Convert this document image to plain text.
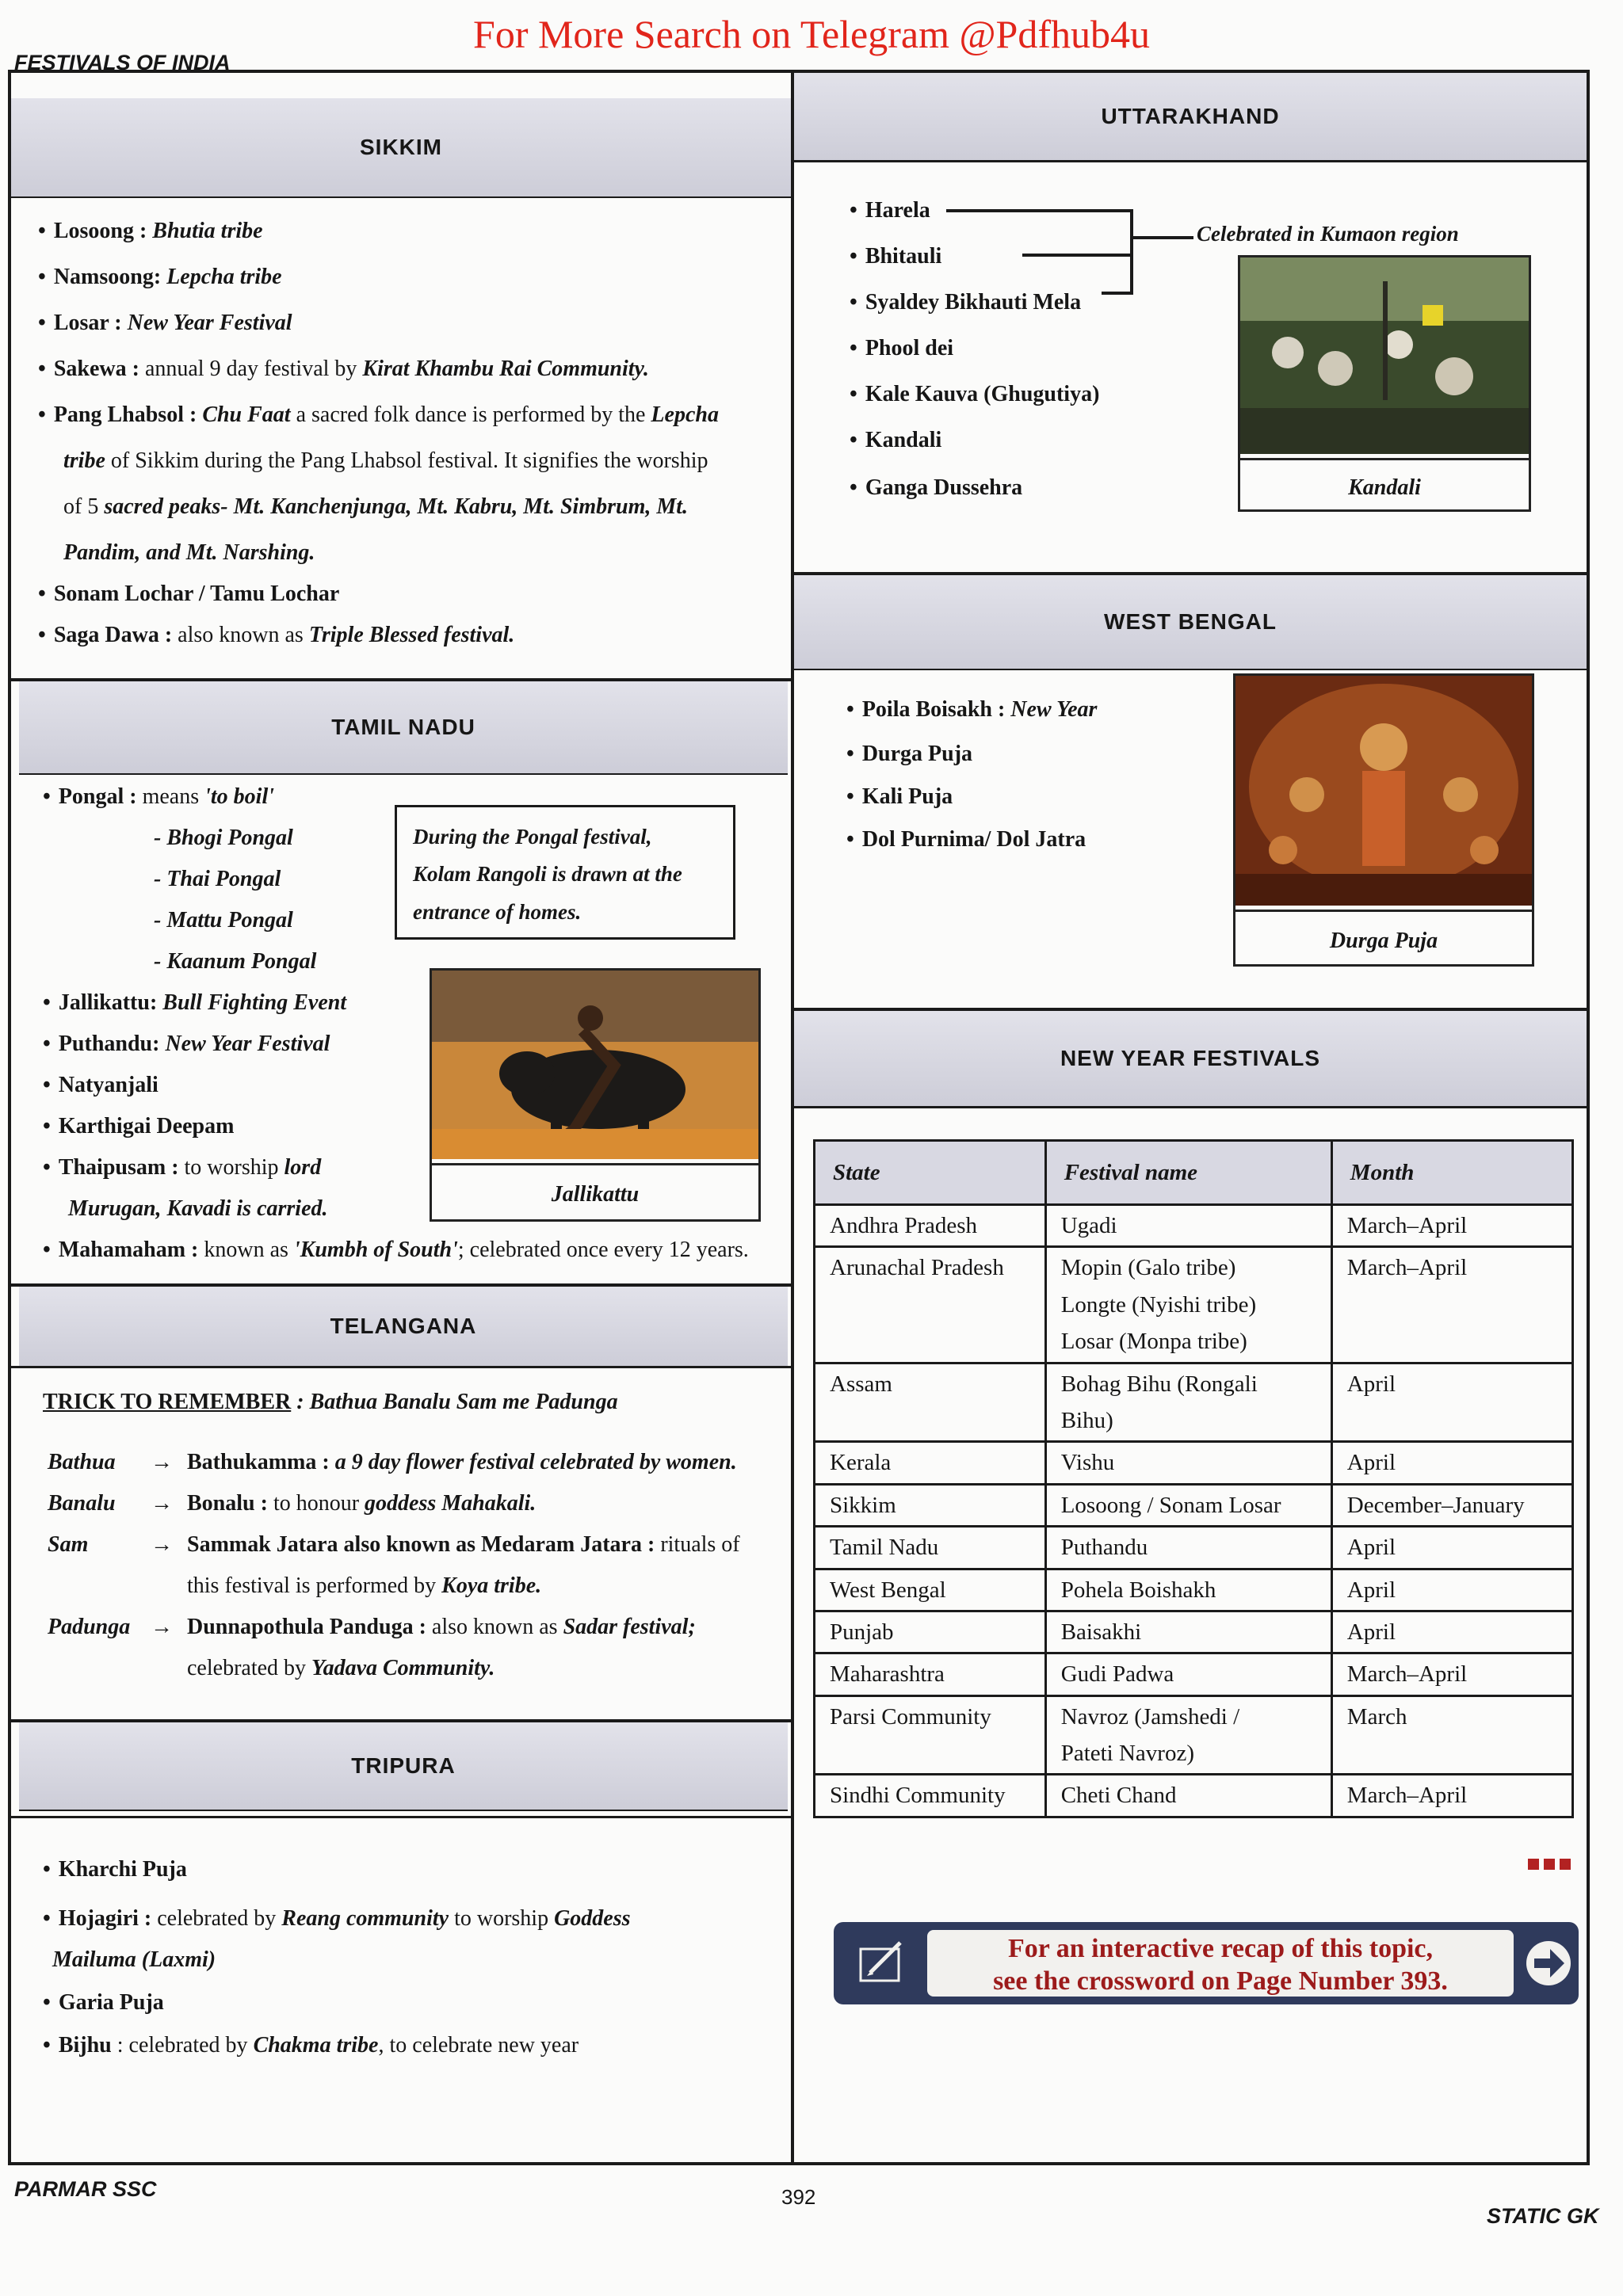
For More Search on Telegram @Pdfhub4u
FESTIVALS OF INDIA
SIKKIM
• Losoong : Bhutia tribe
• Namsoong: Lepcha tribe
• Losar : New Year Festival
• Sakewa : annual 9 day festival by Kirat Khambu Rai Community.
• Pang Lhabsol : Chu Faat a sacred folk dance is performed by the Lepcha
tribe of Sikkim during the Pang Lhabsol festival. It signifies the worship
of 5 sacred peaks- Mt. Kanchenjunga, Mt. Kabru, Mt. Simbrum, Mt.
Pandim, and Mt. Narshing.
• Sonam Lochar / Tamu Lochar
• Saga Dawa : also known as Triple Blessed festival.
TAMIL NADU
• Pongal : means 'to boil'
- Bhogi Pongal
- Thai Pongal
- Mattu Pongal
- Kaanum Pongal
• Jallikattu: Bull Fighting Event
• Puthandu: New Year Festival
• Natyanjali
• Karthigai Deepam
• Thaipusam : to worship lord
Murugan, Kavadi is carried.
• Mahamaham : known as 'Kumbh of South'; celebrated once every 12 years.
During the Pongal festival,
Kolam Rangoli is drawn at the
entrance of homes.
Jallikattu
TELANGANA
TRICK TO REMEMBER : Bathua Banalu Sam me Padunga
Bathua → Bathukamma : a 9 day flower festival celebrated by women.
Banalu → Bonalu : to honour goddess Mahakali.
Sam	→ Sammak Jatara also known as Medaram Jatara : rituals of
this festival is performed by Koya tribe.
Padunga → Dunnapothula Panduga : also known as Sadar festival;
celebrated by Yadava Community.
TRIPURA
• Kharchi Puja
• Hojagiri : celebrated by Reang community to worship Goddess
Mailuma (Laxmi)
• Garia Puja
• Bijhu : celebrated by Chakma tribe, to celebrate new year
UTTARAKHAND
• Harela
• Bhitauli
• Syaldey Bikhauti Mela
• Phool dei
• Kale Kauva (Ghugutiya)
• Kandali
• Ganga Dussehra
Celebrated in Kumaon region
Kandali
WEST BENGAL
• Poila Boisakh : New Year
• Durga Puja
• Kali Puja
• Dol Purnima/ Dol Jatra
Durga Puja
NEW YEAR FESTIVALS
State	Festival name	Month
Andhra Pradesh	Ugadi	March–April
Arunachal Pradesh	Mopin (Galo tribe)
Longte (Nyishi tribe)
Losar (Monpa tribe)	March–April
Assam	Bohag Bihu (Rongali
Bihu)	April
Kerala	Vishu	April
Sikkim	Losoong / Sonam Losar	December–January
Tamil Nadu	Puthandu	April
West Bengal	Pohela Boishakh	April
Punjab	Baisakhi	April
Maharashtra	Gudi Padwa	March–April
Parsi Community	Navroz (Jamshedi /
Pateti Navroz)	March
Sindhi Community	Cheti Chand	March–April
For an interactive recap of this topic,
see the crossword on Page Number 393.
PARMAR SSC	392
STATIC GK
